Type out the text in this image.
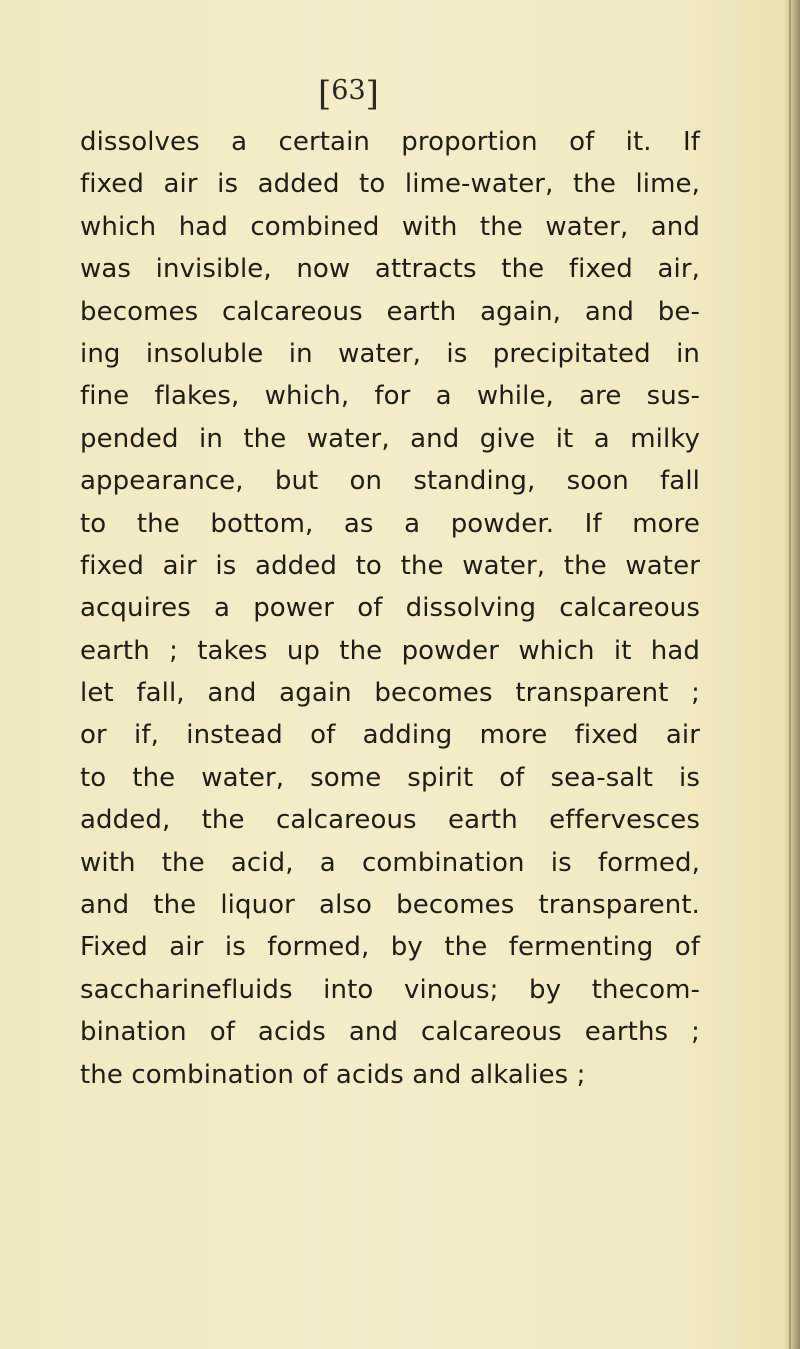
[63]
dissolves a certain proportion of it. If
fixed air is added to lime-water, the lime,
which had combined with the water, and
was invisible, now attracts the fixed air,
becomes calcareous earth again, and be-
ing insoluble in water, is precipitated in
fine flakes, which, for a while, are sus-
pended in the water, and give it a milky
appearance, but on standing, soon fall
to the bottom, as a powder. If more
fixed air is added to the water, the water
acquires a power of dissolving calcareous
earth ; takes up the powder which it had
let fall, and again becomes transparent ;
or if, instead of adding more fixed air
to the water, some spirit of sea-salt is
added, the calcareous earth effervesces
with the acid, a combination is formed,
and the liquor also becomes transparent.
Fixed air is formed, by the fermenting of
saccharinefluids into vinous; by thecom-
bination of acids and calcareous earths ;
the combination of acids and alkalies ;
